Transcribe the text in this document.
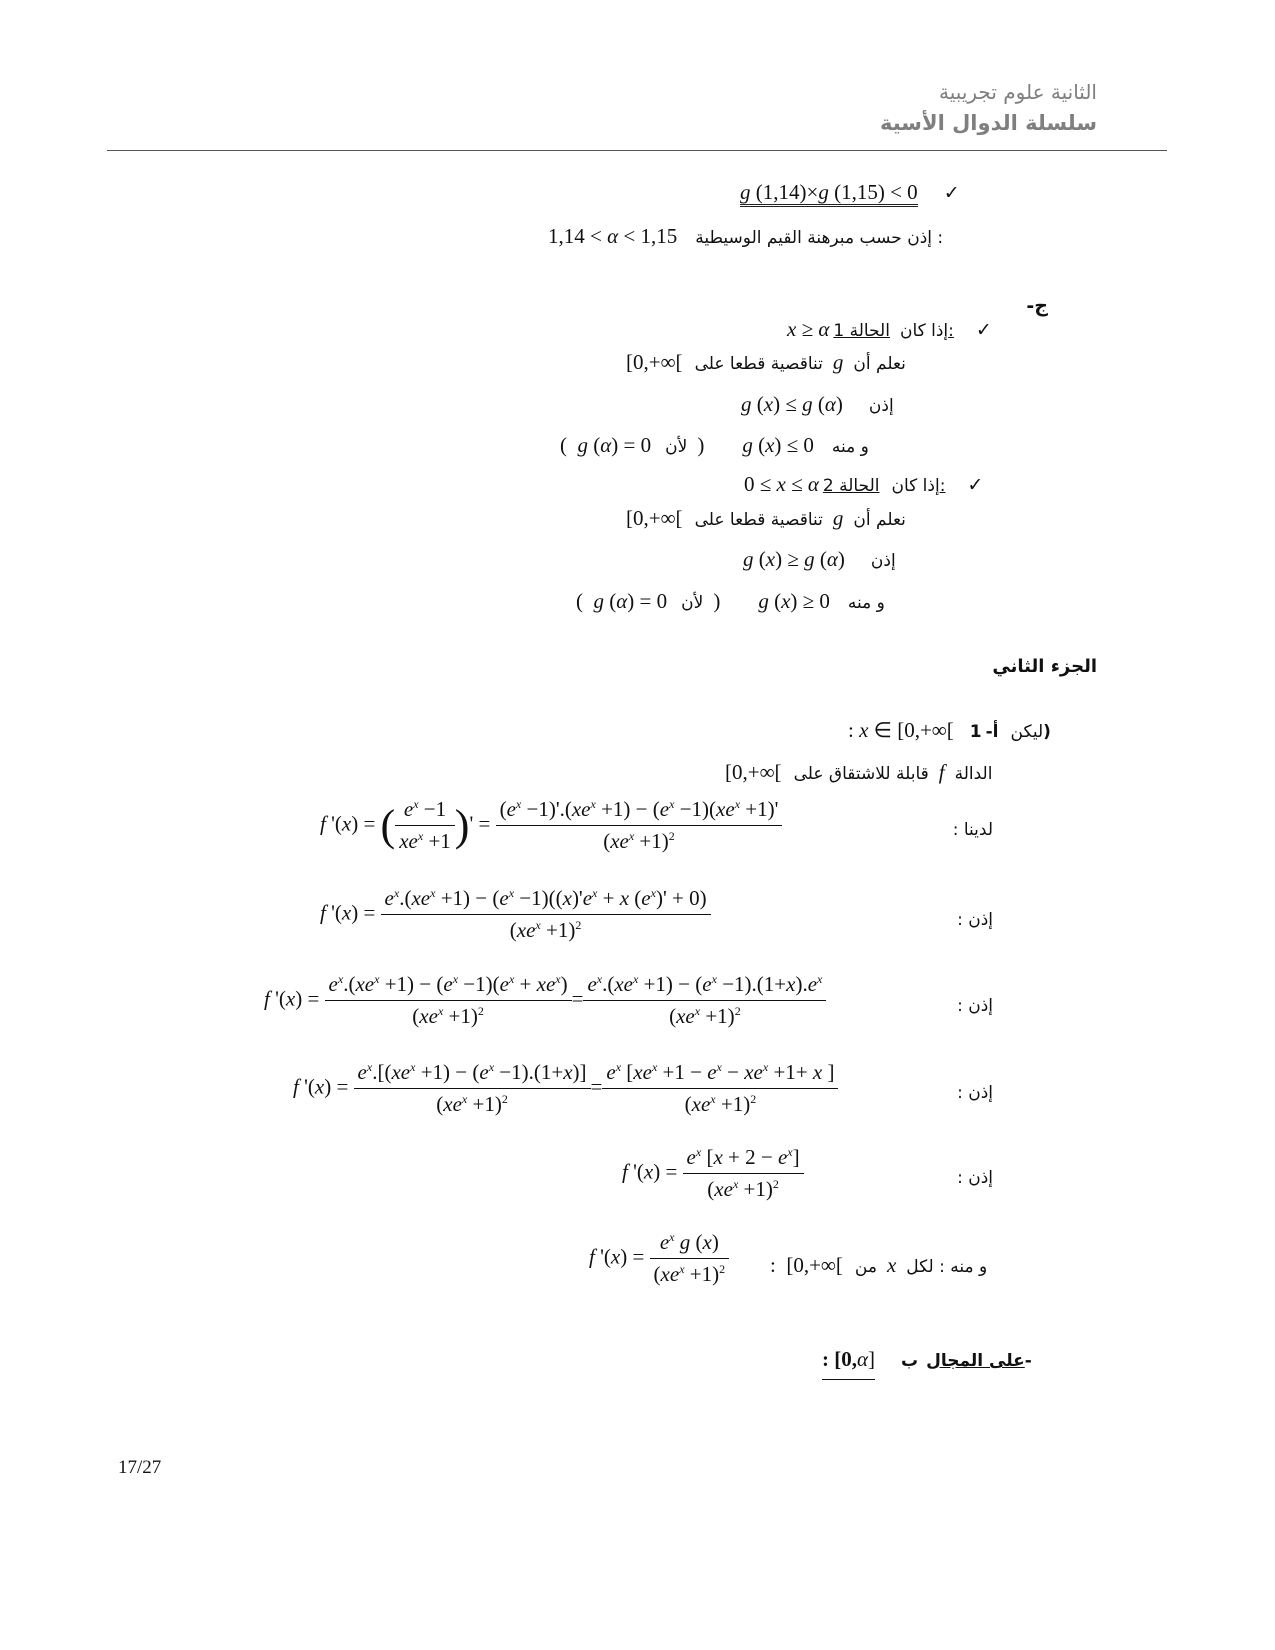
الثانية علوم تجريبية
سلسلة الدوال الأسية
g (1,14)×g (1,15) < 0 ✓
1,14 < α < 1,15 إذن حسب مبرهنة القيم الوسيطية :
ج-
x ≥ α	إذا كان الحالة 1: ✓
[0,+∞[ تناقصية قطعا على g نعلم أن
g (x) ≤ g (α) إذن
(  g (α) = 0 لأن ) g (x) ≤ 0 و منه
0 ≤ x ≤ α	إذا كان الحالة 2: ✓
[0,+∞[ تناقصية قطعا على g نعلم أن
g (x) ≥ g (α) إذن
(  g (α) = 0 لأن ) g (x) ≥ 0 و منه
الجزء الثاني
: x ∈ [0,+∞[	ليكن أ- 1)
[0,+∞[ قابلة للاشتقاق على f الدالة
لدينا :
f '(x) = ( $\frac{e^x -1}{xe^x +1}$ )' = $\frac{(e^x -1)'.(xe^x +1) - (e^x -1)(xe^x +1)'}{(xe^x +1)^2}$
إذن :
f '$(x) = \frac{e^x.(xe^x +1) - (e^x -1)((x)'e^x + x (e^x)' + 0)}{(xe^x +1)^2}$
إذن :
f '$(x) = \frac{e^x.(xe^x +1) - (e^x -1)(e^x + xe^x)}{(xe^x +1)^2} = \frac{e^x.(xe^x +1) - (e^x -1).(1+x).e^x}{(xe^x +1)^2}$
إذن :
f '$(x) = \frac{e^x.[(xe^x +1) - (e^x -1).(1+x)]}{(xe^x +1)^2} = \frac{e^x [xe^x +1 - e^x - xe^x +1+ x ]}{(xe^x +1)^2}$
إذن :
f '$(x) = \frac{e^x [x + 2 - e^x]}{(xe^x +1)^2}$
f '$(x) = \frac{e^x g (x)}{(xe^x +1)^2}$ :  [0,+∞[ من x و منه : لكل
: [0,α]	على المجال ب-
17/27
